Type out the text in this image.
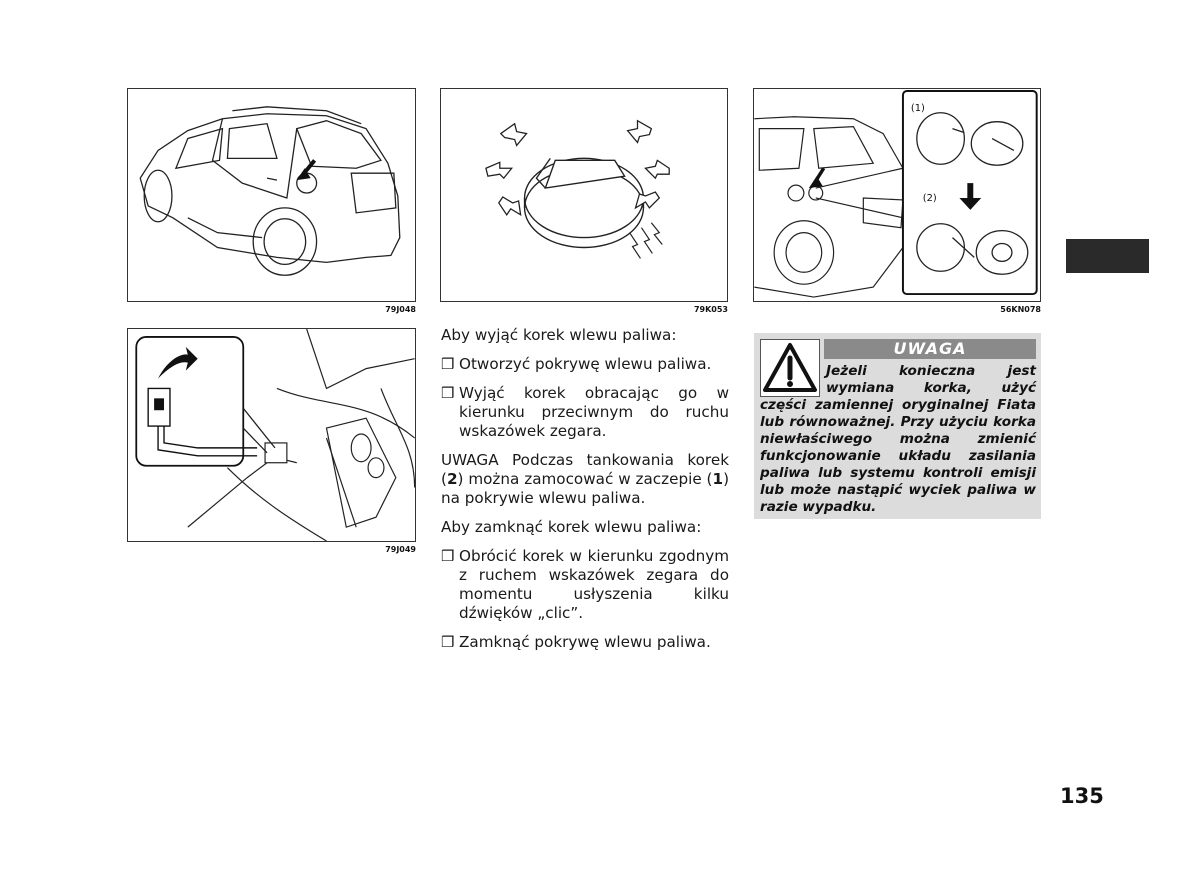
79J048	79K053
(1)
(2)
56KN078
79J049

Aby wyjąć korek wlewu paliwa:

❒ Otworzyć pokrywę wlewu paliwa.
❒ Wyjąć korek obracając go w kierunku przeciwnym do ruchu wskazówek zegara.

UWAGA Podczas tankowania korek (2) można zamocować w zaczepie (1) na pokrywie wlewu paliwa.

Aby zamknąć korek wlewu paliwa:

❒ Obrócić korek w kierunku zgodnym z ruchem wskazówek zegara do momentu usłyszenia kilku dźwięków „clic”.
❒ Zamknąć pokrywę wlewu paliwa.
UWAGA
Jeżeli konieczna jest wymiana korka, użyć części zamiennej oryginalnej Fiata lub równoważnej. Przy użyciu korka niewłaściwego można zmienić funkcjonowanie układu zasilania paliwa lub systemu kontroli emisji lub może nastąpić wyciek paliwa w razie wypadku.
135
